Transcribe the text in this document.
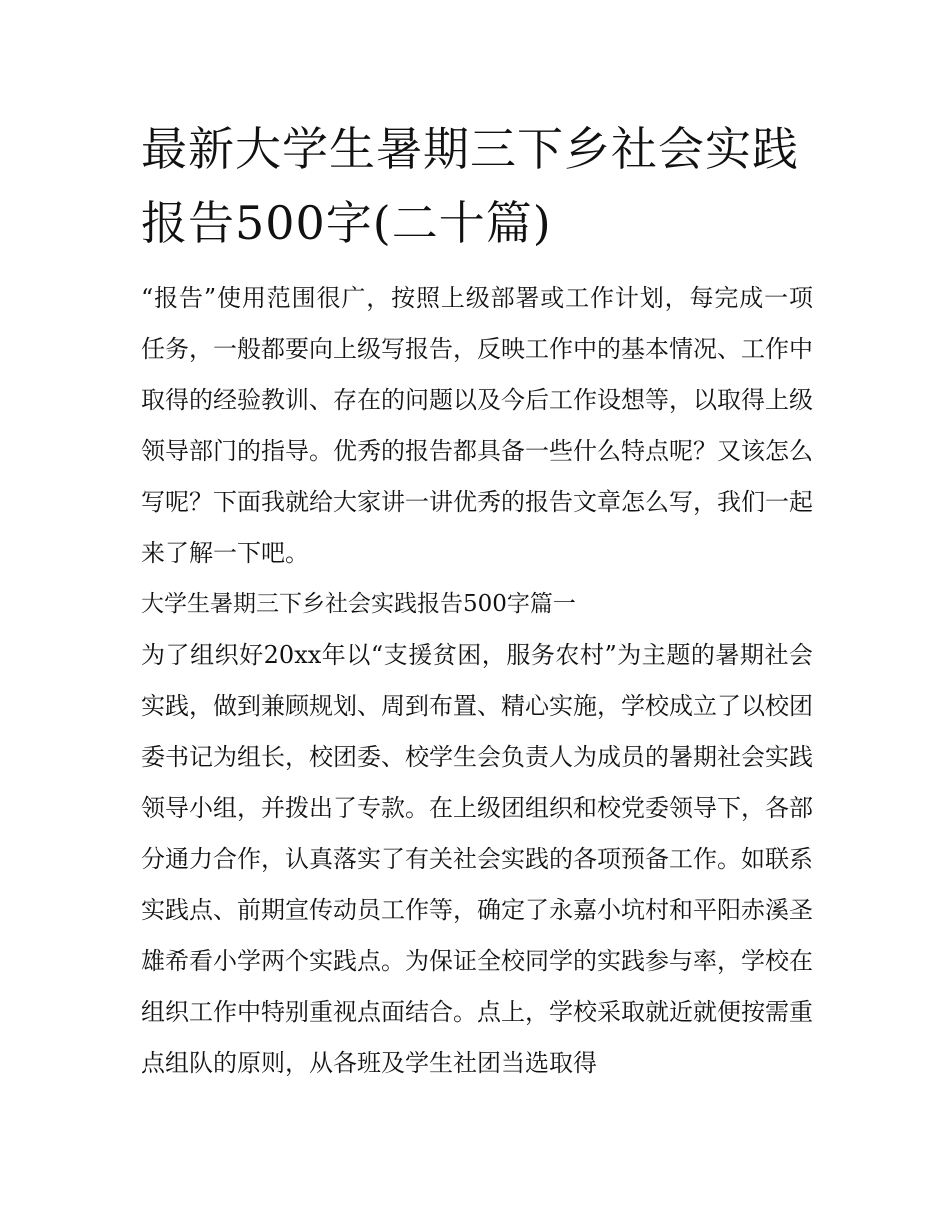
最新大学生暑期三下乡社会实践报告500字(二十篇)

“报告”使用范围很广，按照上级部署或工作计划，每完成一项任务，一般都要向上级写报告，反映工作中的基本情况、工作中取得的经验教训、存在的问题以及今后工作设想等，以取得上级领导部门的指导。优秀的报告都具备一些什么特点呢？又该怎么写呢？下面我就给大家讲一讲优秀的报告文章怎么写，我们一起来了解一下吧。

大学生暑期三下乡社会实践报告500字篇一

为了组织好20xx年以“支援贫困，服务农村”为主题的暑期社会实践，做到兼顾规划、周到布置、精心实施，学校成立了以校团委书记为组长，校团委、校学生会负责人为成员的暑期社会实践领导小组，并拨出了专款。在上级团组织和校党委领导下，各部分通力合作，认真落实了有关社会实践的各项预备工作。如联系实践点、前期宣传动员工作等，确定了永嘉小坑村和平阳赤溪圣雄希看小学两个实践点。为保证全校同学的实践参与率，学校在组织工作中特别重视点面结合。点上，学校采取就近就便按需重点组队的原则，从各班及学生社团当选取得
